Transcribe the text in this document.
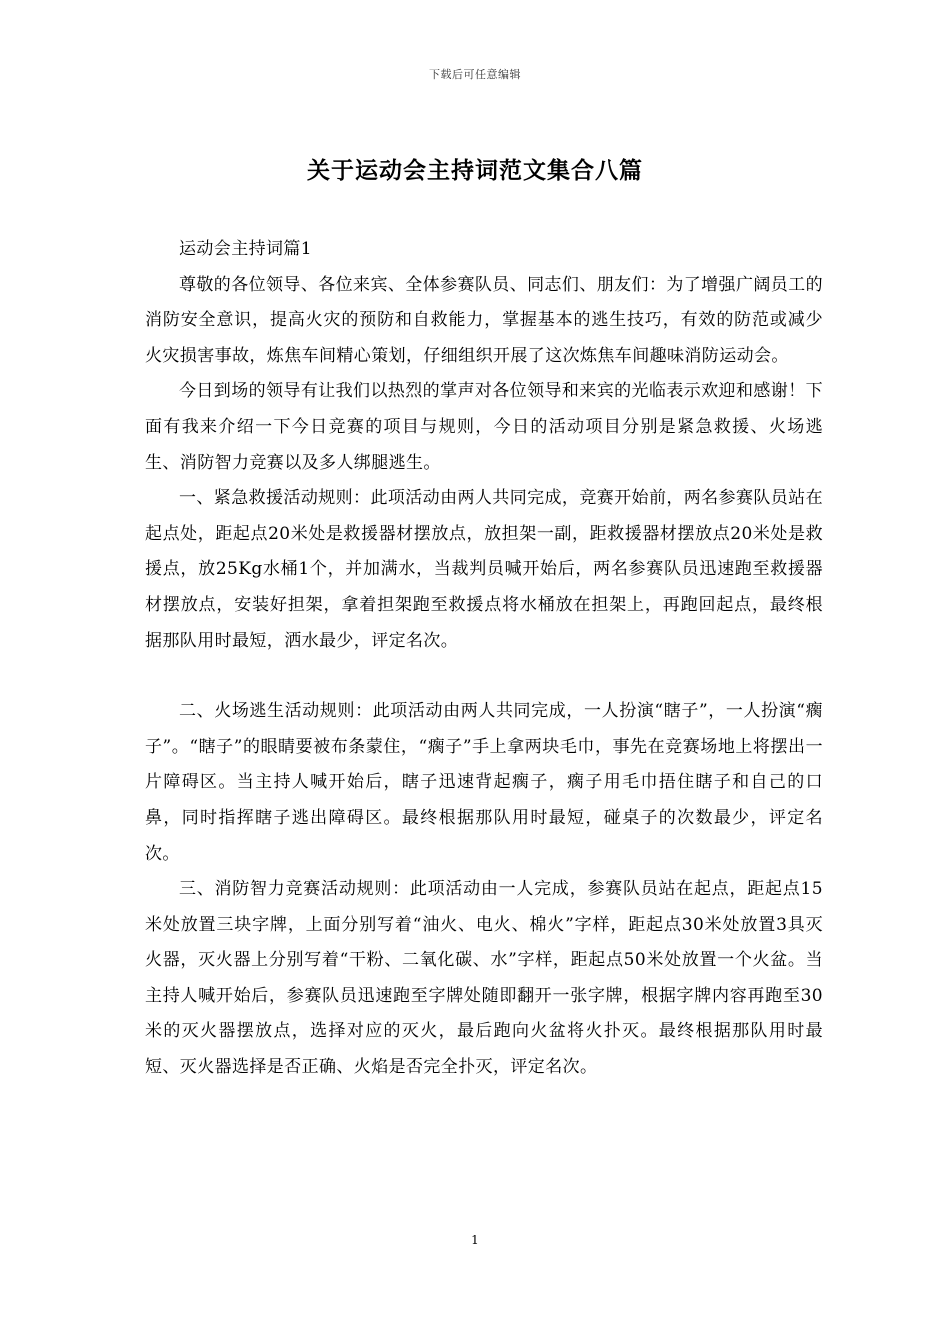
下载后可任意编辑
关于运动会主持词范文集合八篇

运动会主持词篇1

尊敬的各位领导、各位来宾、全体参赛队员、同志们、朋友们：为了增强广阔员工的消防安全意识，提高火灾的预防和自救能力，掌握基本的逃生技巧，有效的防范或减少火灾损害事故，炼焦车间精心策划，仔细组织开展了这次炼焦车间趣味消防运动会。

今日到场的领导有让我们以热烈的掌声对各位领导和来宾的光临表示欢迎和感谢！下面有我来介绍一下今日竞赛的项目与规则，今日的活动项目分别是紧急救援、火场逃生、消防智力竞赛以及多人绑腿逃生。

一、紧急救援活动规则：此项活动由两人共同完成，竞赛开始前，两名参赛队员站在起点处，距起点20米处是救援器材摆放点，放担架一副，距救援器材摆放点20米处是救援点，放25Kg水桶1个，并加满水，当裁判员喊开始后，两名参赛队员迅速跑至救援器材摆放点，安装好担架，拿着担架跑至救援点将水桶放在担架上，再跑回起点，最终根据那队用时最短，洒水最少，评定名次。

二、火场逃生活动规则：此项活动由两人共同完成，一人扮演“瞎子”，一人扮演“瘸子”。“瞎子”的眼睛要被布条蒙住，“瘸子”手上拿两块毛巾，事先在竞赛场地上将摆出一片障碍区。当主持人喊开始后，瞎子迅速背起瘸子，瘸子用毛巾捂住瞎子和自己的口鼻，同时指挥瞎子逃出障碍区。最终根据那队用时最短，碰桌子的次数最少，评定名次。

三、消防智力竞赛活动规则：此项活动由一人完成，参赛队员站在起点，距起点15米处放置三块字牌，上面分别写着“油火、电火、棉火”字样，距起点30米处放置3具灭火器，灭火器上分别写着“干粉、二氧化碳、水”字样，距起点50米处放置一个火盆。当主持人喊开始后，参赛队员迅速跑至字牌处随即翻开一张字牌，根据字牌内容再跑至30米的灭火器摆放点，选择对应的灭火，最后跑向火盆将火扑灭。最终根据那队用时最短、灭火器选择是否正确、火焰是否完全扑灭，评定名次。

1
